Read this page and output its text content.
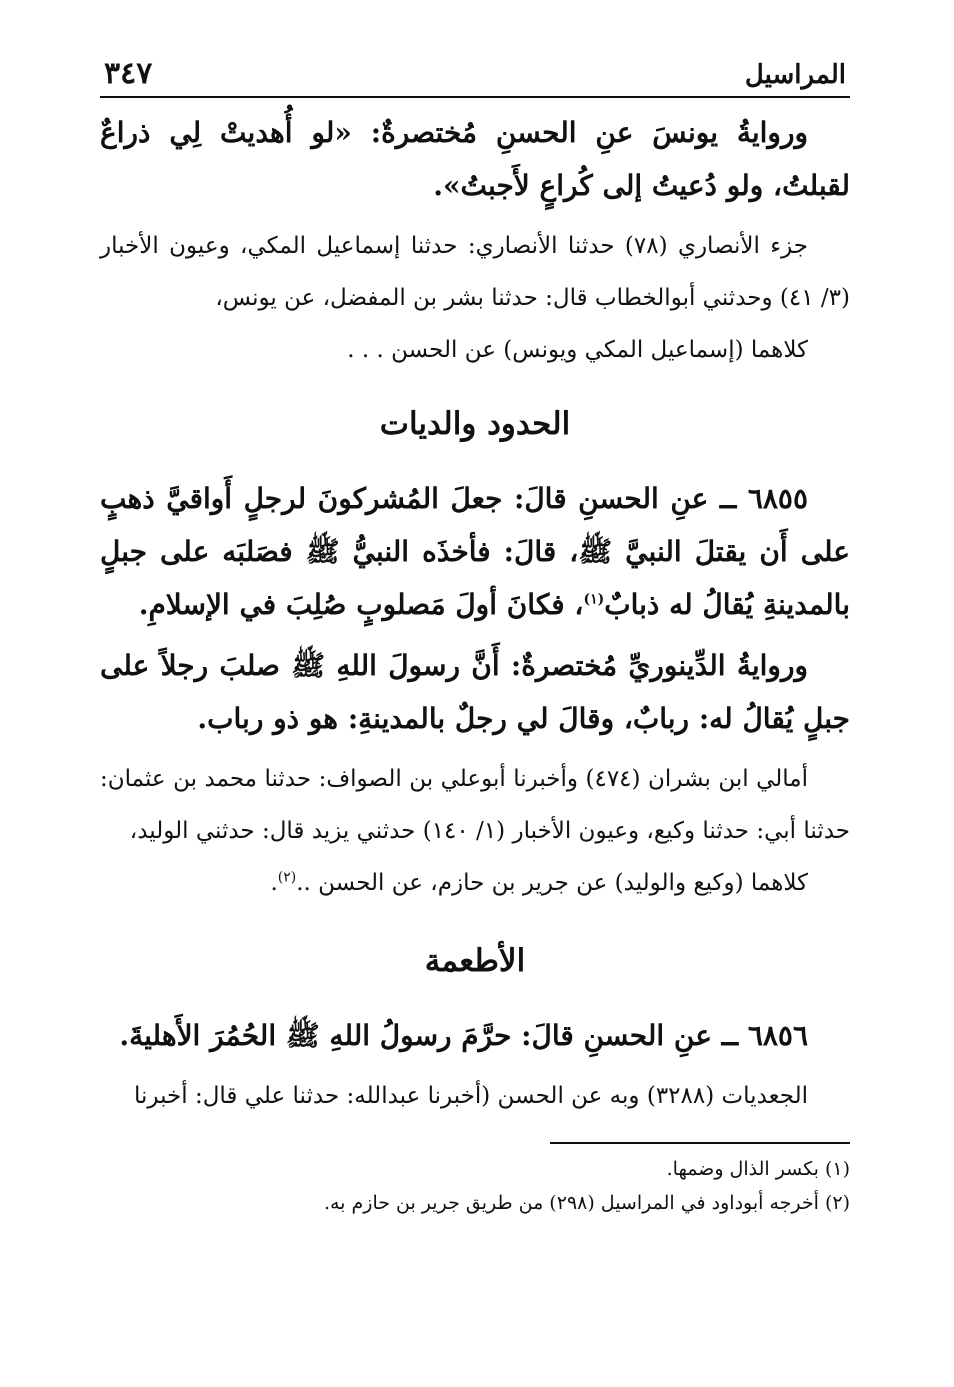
المراسيل
٣٤٧

وروايةُ يونسَ عنِ الحسنِ مُختصرةٌ: «لو أُهديتْ لِي ذراعٌ لقبلتُ، ولو دُعيتُ إلى كُراعٍ لأَجبتُ».

جزء الأنصاري (٧٨) حدثنا الأنصاري: حدثنا إسماعيل المكي، وعيون الأخبار (٣/ ٤١) وحدثني أبوالخطاب قال: حدثنا بشر بن المفضل، عن يونس،

كلاهما (إسماعيل المكي ويونس) عن الحسن . . .

الحدود والديات

٦٨٥٥ ــ عنِ الحسنِ قالَ: جعلَ المُشركونَ لرجلٍ أَواقيَّ ذهبٍ على أَن يقتلَ النبيَّ ﷺ، قالَ: فأخذَه النبيُّ ﷺ فصَلبَه على جبلٍ بالمدينةِ يُقالُ له ذبابٌ$^{(١)}$، فكانَ أولَ مَصلوبٍ صُلِبَ في الإسلامِ.

وروايةُ الدِّينوريِّ مُختصرةٌ: أَنَّ رسولَ اللهِ ﷺ صلبَ رجلاً على جبلٍ يُقالُ له: ربابٌ، وقالَ لي رجلٌ بالمدينةِ: هو ذو رباب.

أمالي ابن بشران (٤٧٤) وأخبرنا أبوعلي بن الصواف: حدثنا محمد بن عثمان: حدثنا أبي: حدثنا وكيع، وعيون الأخبار (١/ ١٤٠) حدثني يزيد قال: حدثني الوليد،

كلاهما (وكيع والوليد) عن جرير بن حازم، عن الحسن ..$^{(٢)}$.

الأطعمة

٦٨٥٦ ــ عنِ الحسنِ قالَ: حرَّمَ رسولُ اللهِ ﷺ الحُمُرَ الأَهليةَ.

الجعديات (٣٢٨٨) وبه عن الحسن (أخبرنا عبدالله: حدثنا علي قال: أخبرنا

(١) بكسر الذال وضمها.

(٢) أخرجه أبوداود في المراسيل (٢٩٨) من طريق جرير بن حازم به.
